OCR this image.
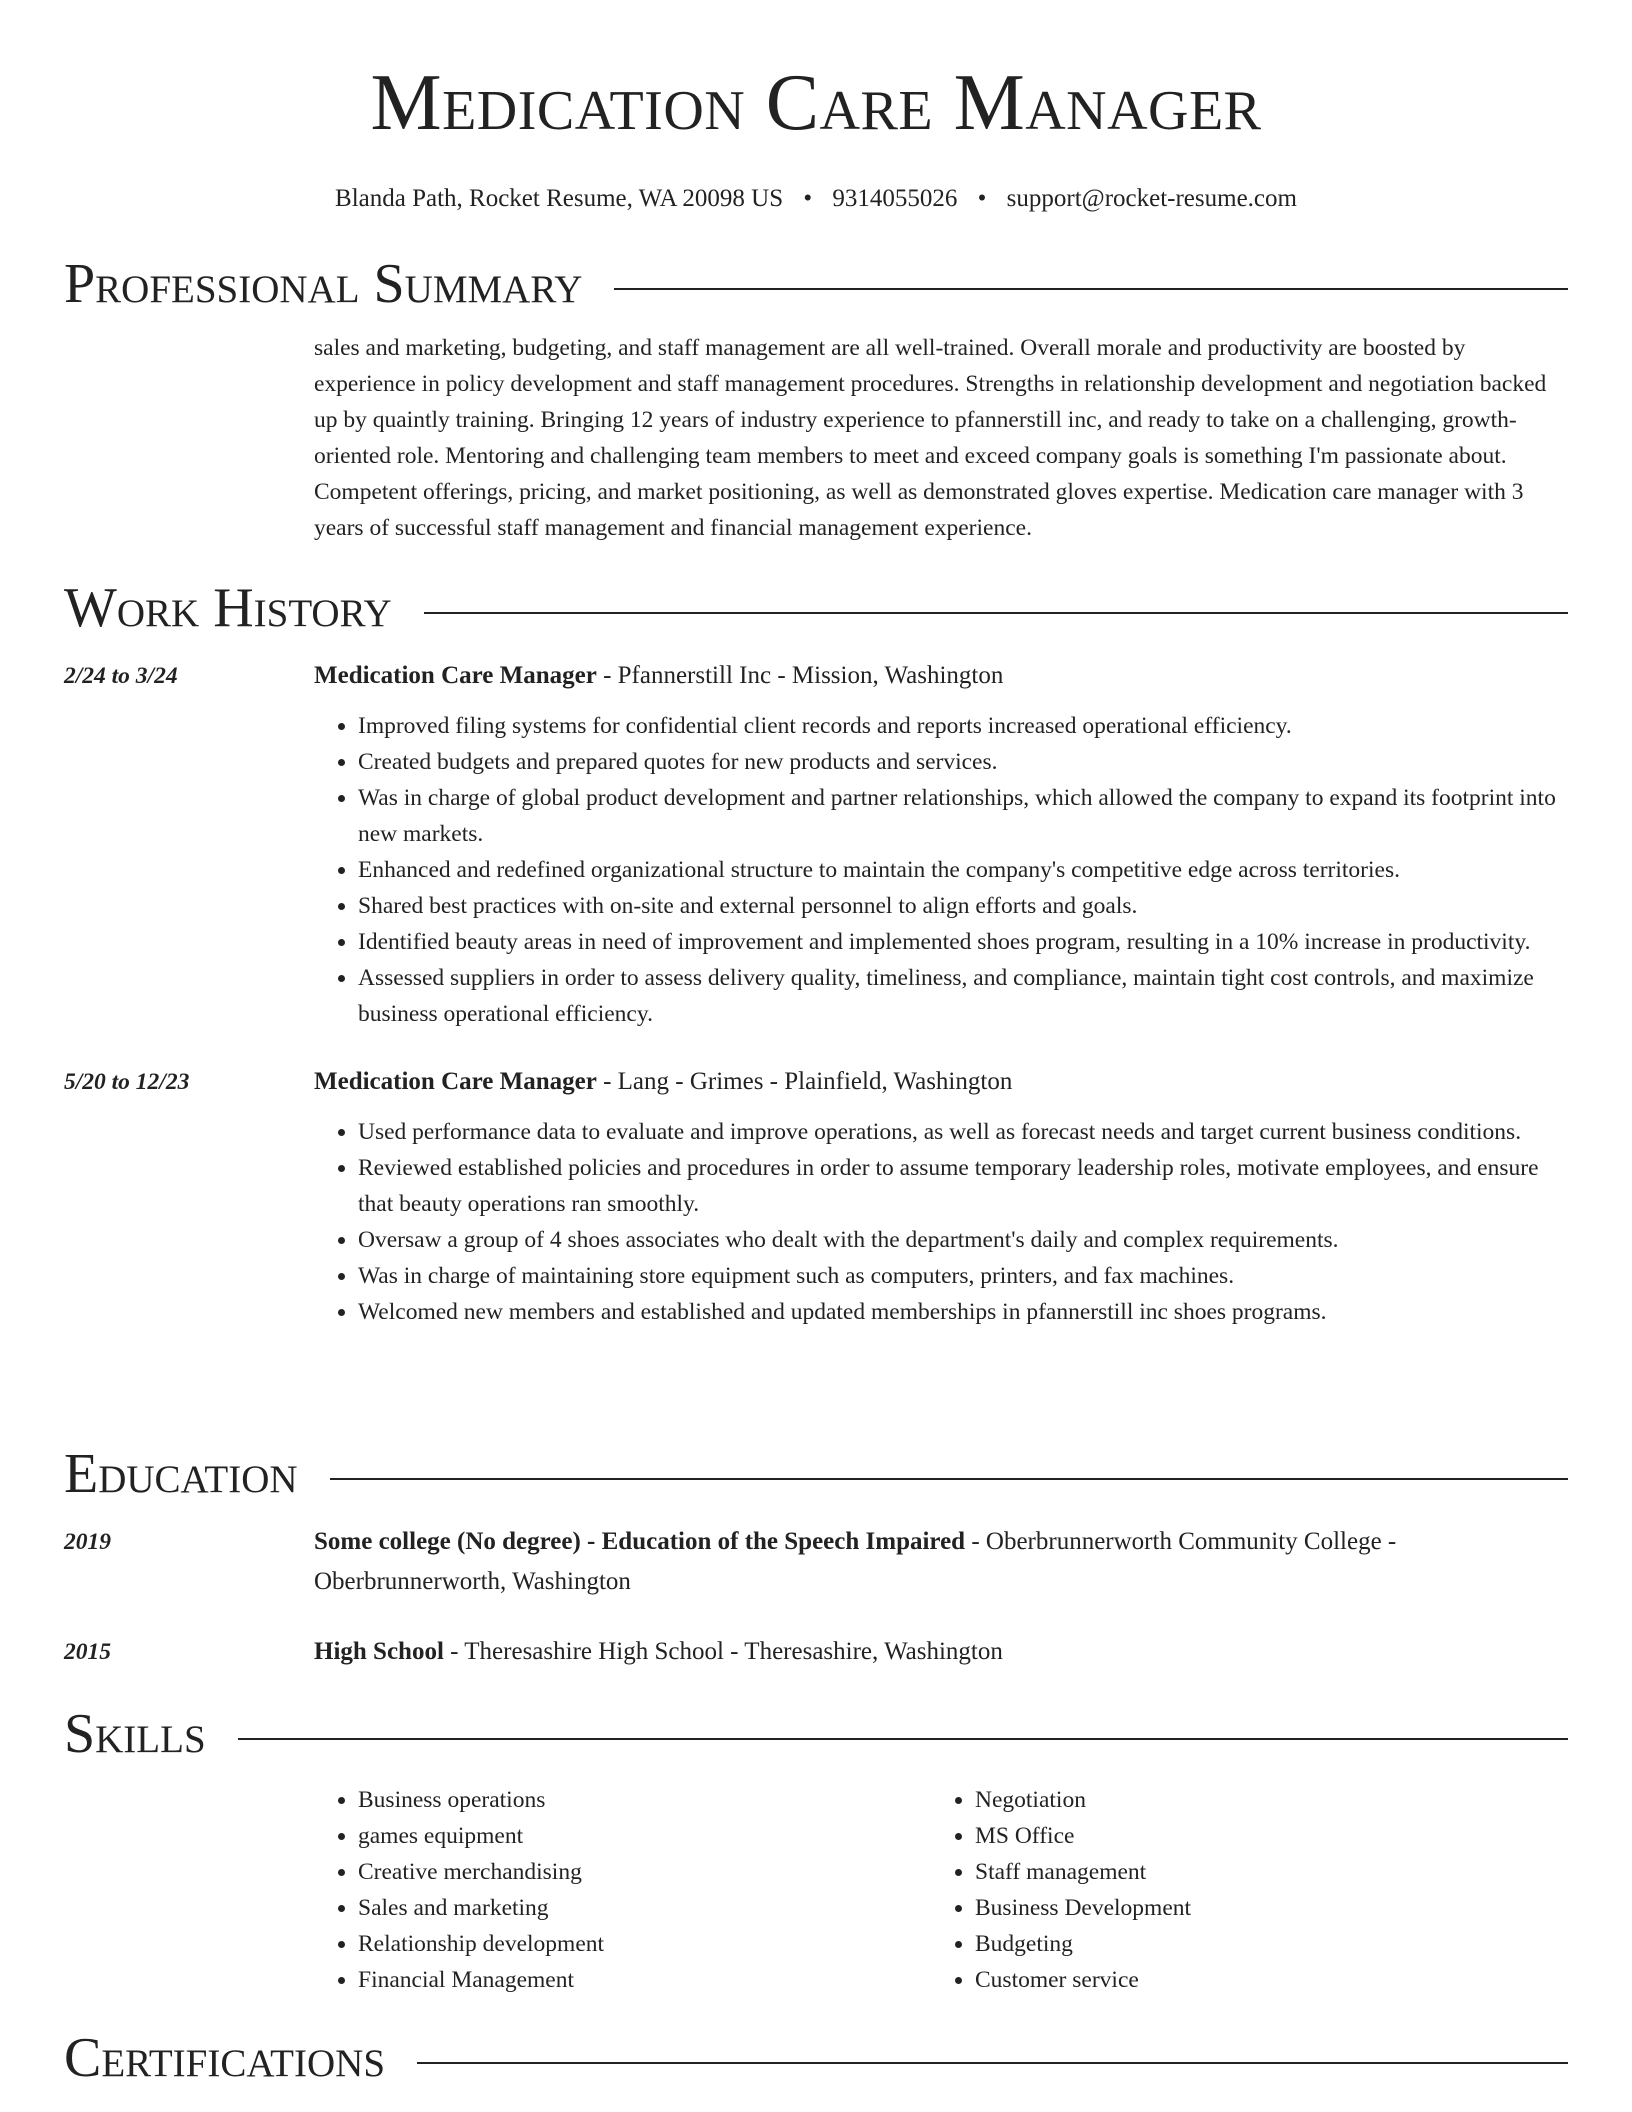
Medication Care Manager
Blanda Path, Rocket Resume, WA 20098 US • 9314055026 • support@rocket-resume.com
Professional Summary
sales and marketing, budgeting, and staff management are all well-trained. Overall morale and productivity are boosted by experience in policy development and staff management procedures. Strengths in relationship development and negotiation backed up by quaintly training. Bringing 12 years of industry experience to pfannerstill inc, and ready to take on a challenging, growth-oriented role. Mentoring and challenging team members to meet and exceed company goals is something I'm passionate about. Competent offerings, pricing, and market positioning, as well as demonstrated gloves expertise. Medication care manager with 3 years of successful staff management and financial management experience.
Work History
2/24 to 3/24	Medication Care Manager - Pfannerstill Inc - Mission, Washington
• Improved filing systems for confidential client records and reports increased operational efficiency.
• Created budgets and prepared quotes for new products and services.
• Was in charge of global product development and partner relationships, which allowed the company to expand its footprint into new markets.
• Enhanced and redefined organizational structure to maintain the company's competitive edge across territories.
• Shared best practices with on-site and external personnel to align efforts and goals.
• Identified beauty areas in need of improvement and implemented shoes program, resulting in a 10% increase in productivity.
• Assessed suppliers in order to assess delivery quality, timeliness, and compliance, maintain tight cost controls, and maximize business operational efficiency.
5/20 to 12/23	Medication Care Manager - Lang - Grimes - Plainfield, Washington
• Used performance data to evaluate and improve operations, as well as forecast needs and target current business conditions.
• Reviewed established policies and procedures in order to assume temporary leadership roles, motivate employees, and ensure that beauty operations ran smoothly.
• Oversaw a group of 4 shoes associates who dealt with the department's daily and complex requirements.
• Was in charge of maintaining store equipment such as computers, printers, and fax machines.
• Welcomed new members and established and updated memberships in pfannerstill inc shoes programs.
Education
2019	Some college (No degree) - Education of the Speech Impaired - Oberbrunnerworth Community College - Oberbrunnerworth, Washington
2015	High School - Theresashire High School - Theresashire, Washington
Skills
• Business operations
• games equipment
• Creative merchandising
• Sales and marketing
• Relationship development
• Financial Management
• Negotiation
• MS Office
• Staff management
• Business Development
• Budgeting
• Customer service
Certifications
